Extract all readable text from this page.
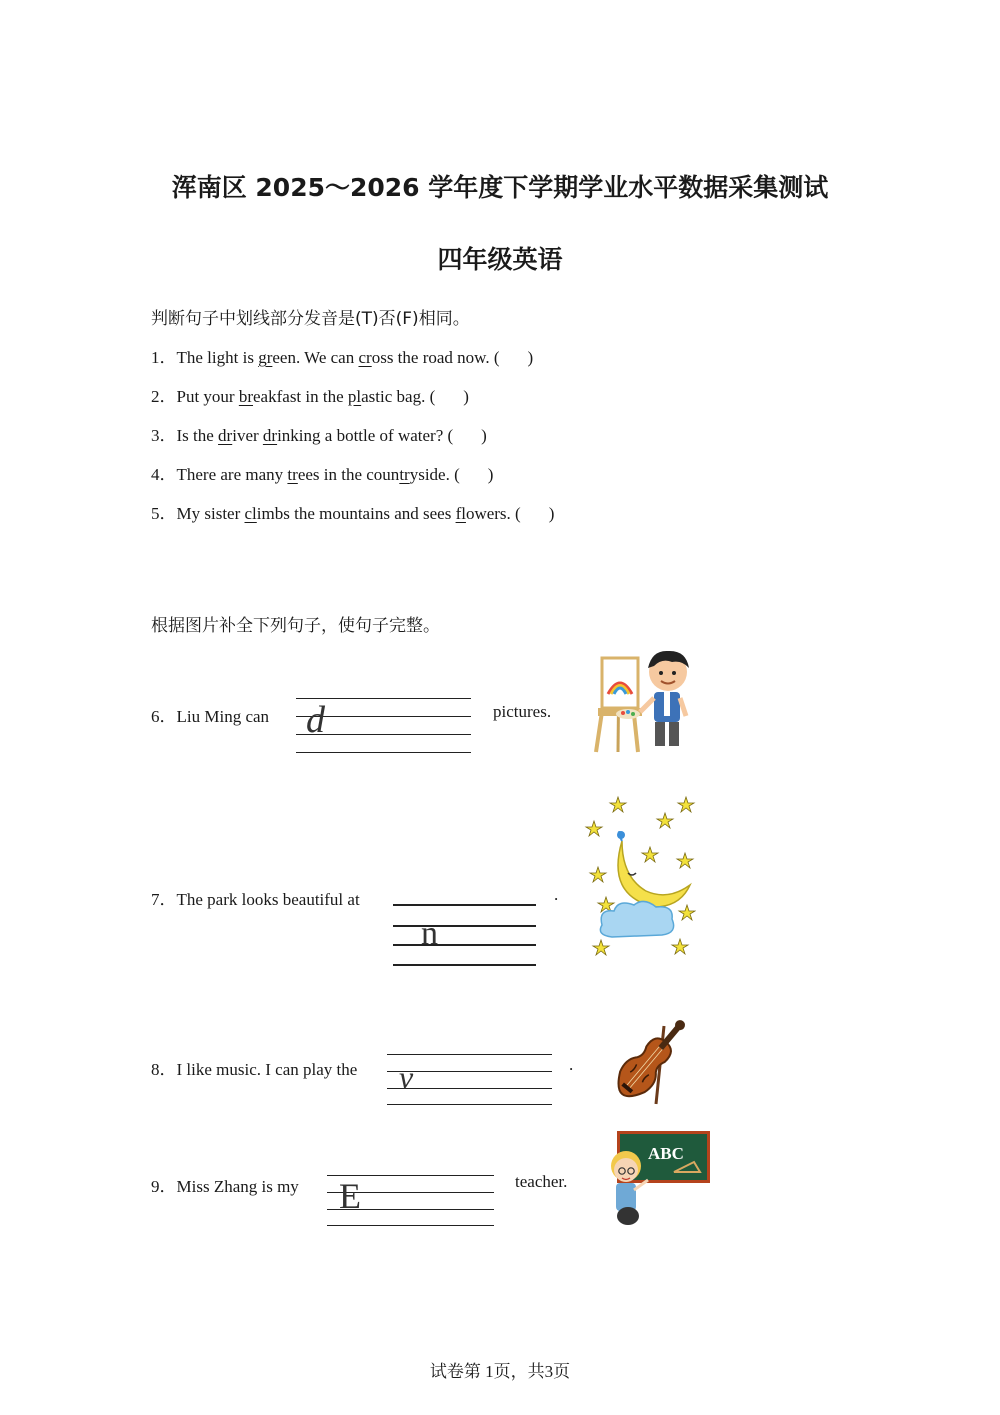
浑南区 2025～2026 学年度下学期学业水平数据采集测试
四年级英语
判断句子中划线部分发音是(T)否(F)相同。
1．The light is green. We can cross the road now. ( )
2．Put your breakfast in the plastic bag. ( )
3．Is the driver drinking a bottle of water? ( )
4．There are many trees in the countryside. ( )
5．My sister climbs the mountains and sees flowers. ( )
根据图片补全下列句子，使句子完整。
6．Liu Ming can d	pictures.
7．The park looks beautiful at
n
.
8．I like music. I can play the v	.
9．Miss Zhang is my E	teacher.
ABC
试卷第 1页，共3页
